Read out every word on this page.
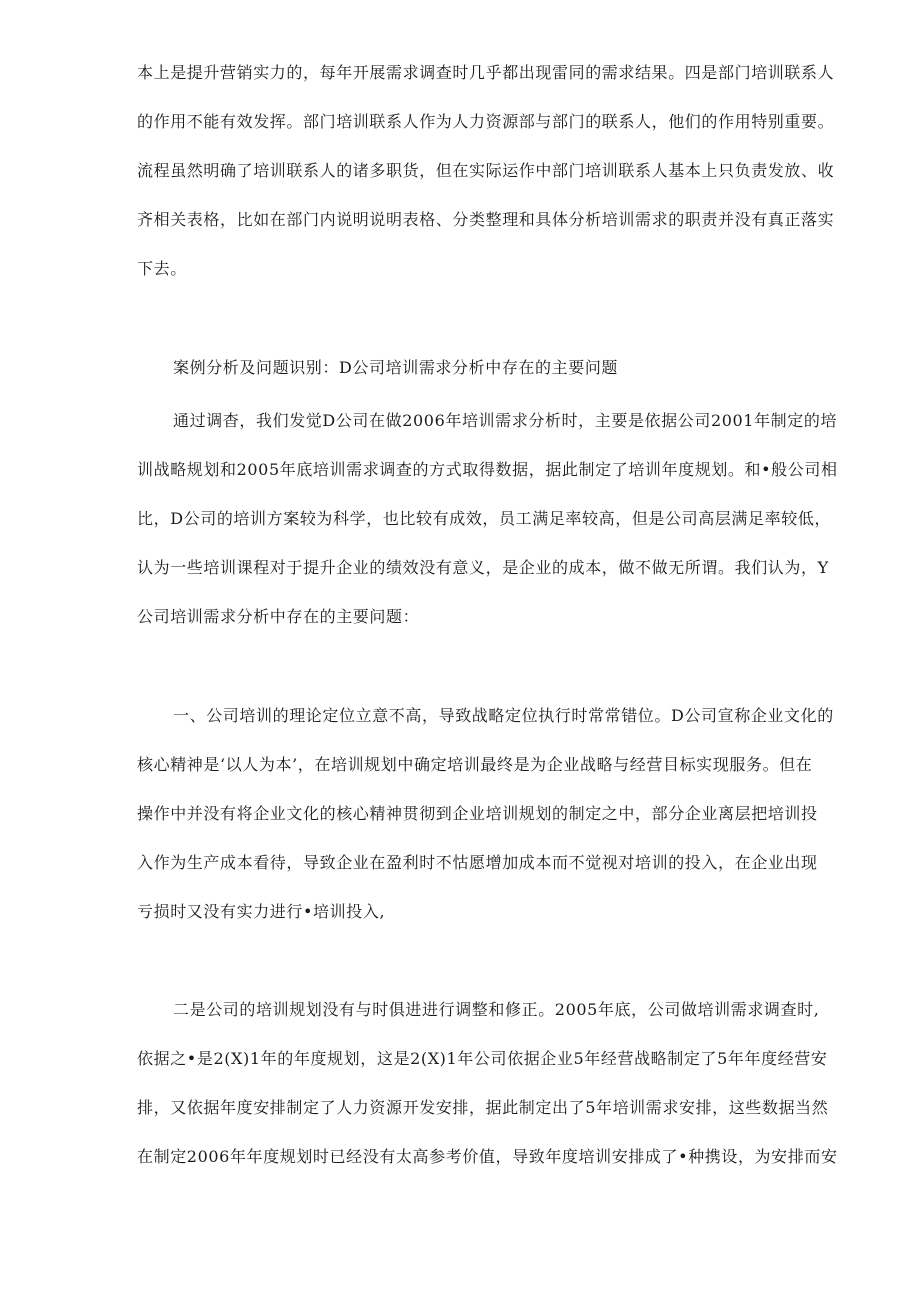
本上是提升营销实力的，每年开展需求调查时几乎都出现雷同的需求结果。四是部门培训联系人
的作用不能有效发挥。部门培训联系人作为人力资源部与部门的联系人，他们的作用特别重要。
流程虽然明确了培训联系人的诸多职货，但在实际运作中部门培训联系人基本上只负责发放、收
齐相关表格，比如在部门内说明说明表格、分类整理和具体分析培训需求的职责并没有真正落实
下去。
案例分析及问题识别：D公司培训需求分析中存在的主要问题
通过调杳，我们发觉D公司在做2006年培训需求分析时，主要是依据公司2001年制定的培
训战略规划和2005年底培训需求调查的方式取得数据，据此制定了培训年度规划。和•般公司相
比，D公司的培训方案较为科学，也比较有成效，员工满足率较高，但是公司高层满足率较低，
认为一些培训课程对于提升企业的绩效没有意义，是企业的成本，做不做无所谓。我们认为，Y
公司培训需求分析中存在的主要问题：
一、公司培训的理论定位立意不高，导致战略定位执行时常常错位。D公司宣称企业文化的
核心精神是‘以人为本’，在培训规划中确定培训最终是为企业战略与经营目标实现服务。但在
操作中并没有将企业文化的核心精神贯彻到企业培训规划的制定之中，部分企业离层把培训投
入作为生产成本看待，导致企业在盈利时不怙愿增加成本而不觉视对培训的投入，在企业出现
亏损时又没有实力进行•培训投入,
二是公司的培训规划没有与时俱进进行调整和修正。2005年底，公司做培训需求调查时,
依据之•是2(X)1年的年度规划，这是2(X)1年公司依据企业5年经营战略制定了5年年度经营安
排，又依据年度安排制定了人力资源开发安排，据此制定出了5年培训需求安排，这些数据当然
在制定2006年年度规划时已经没有太高参考价值，导致年度培训安排成了•种携设，为安排而安
